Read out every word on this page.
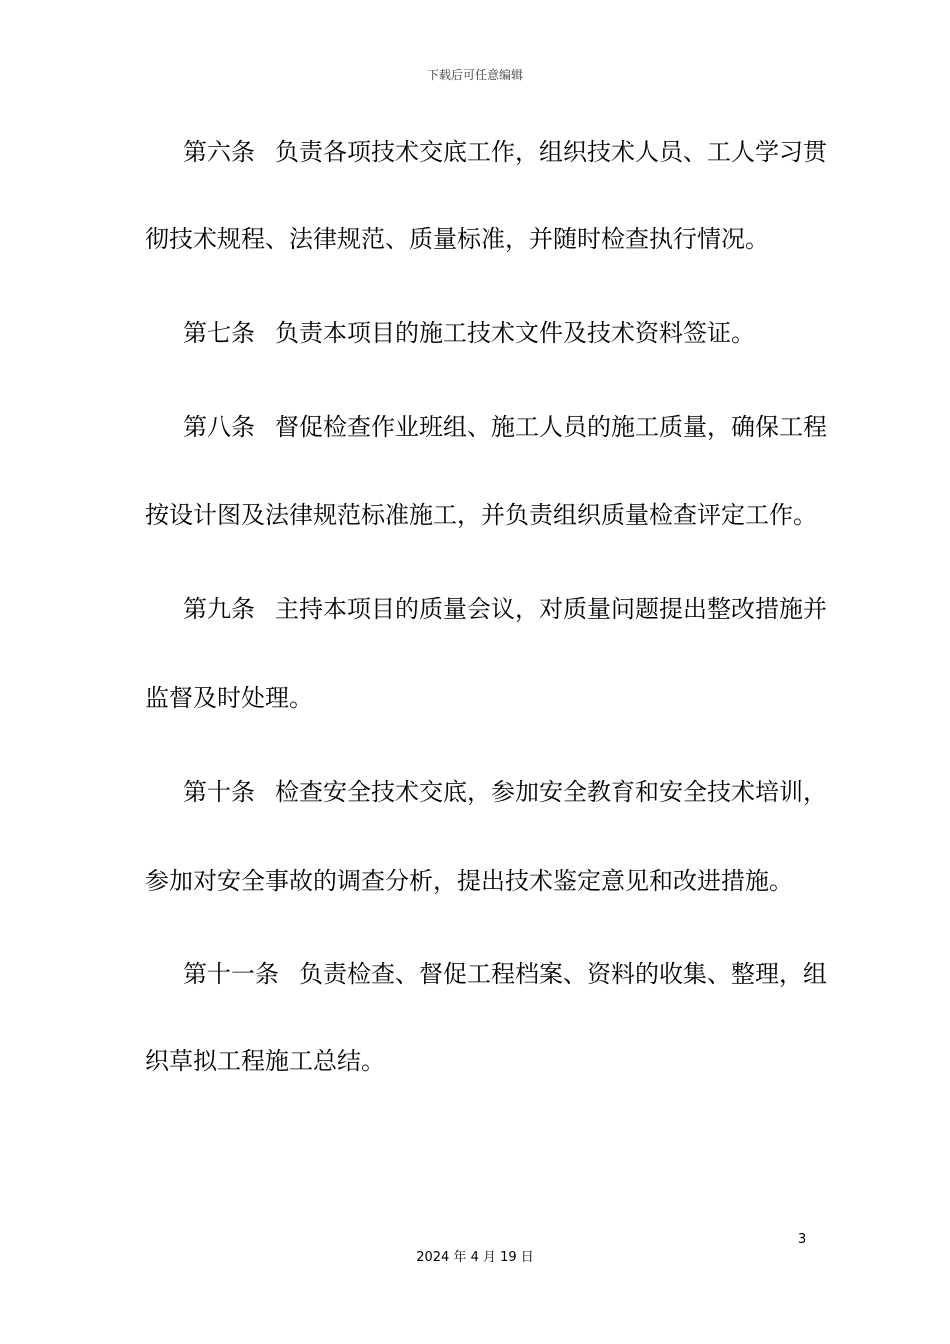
下载后可任意编辑
第六条 负责各项技术交底工作，组织技术人员、工人学习贯
彻技术规程、法律规范、质量标准，并随时检查执行情况。
第七条 负责本项目的施工技术文件及技术资料签证。
第八条 督促检查作业班组、施工人员的施工质量，确保工程
按设计图及法律规范标准施工，并负责组织质量检查评定工作。
第九条 主持本项目的质量会议，对质量问题提出整改措施并
监督及时处理。
第十条 检查安全技术交底，参加安全教育和安全技术培训，
参加对安全事故的调查分析，提出技术鉴定意见和改进措施。
第十一条 负责检查、督促工程档案、资料的收集、整理，组
织草拟工程施工总结。
3
2024 年 4 月 19 日
